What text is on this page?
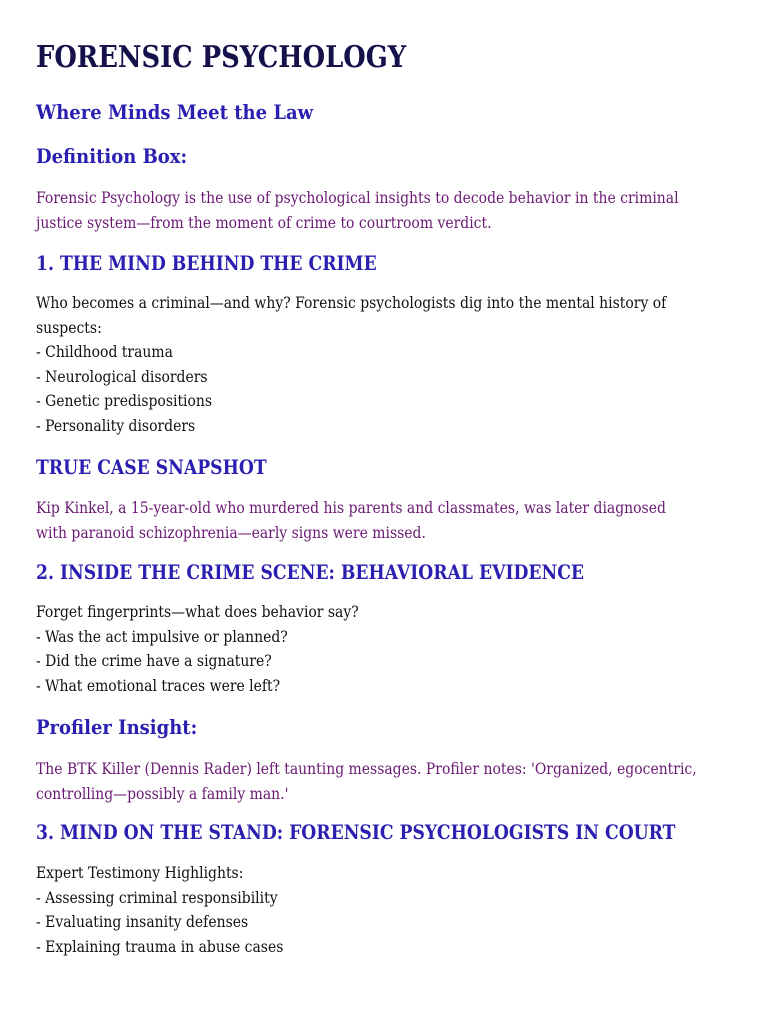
FORENSIC PSYCHOLOGY
Where Minds Meet the Law
Definition Box:
Forensic Psychology is the use of psychological insights to decode behavior in the criminal
justice system—from the moment of crime to courtroom verdict.
1. THE MIND BEHIND THE CRIME
Who becomes a criminal—and why? Forensic psychologists dig into the mental history of
suspects:
- Childhood trauma
- Neurological disorders
- Genetic predispositions
- Personality disorders
TRUE CASE SNAPSHOT
Kip Kinkel, a 15-year-old who murdered his parents and classmates, was later diagnosed
with paranoid schizophrenia—early signs were missed.
2. INSIDE THE CRIME SCENE: BEHAVIORAL EVIDENCE
Forget fingerprints—what does behavior say?
- Was the act impulsive or planned?
- Did the crime have a signature?
- What emotional traces were left?
Profiler Insight:
The BTK Killer (Dennis Rader) left taunting messages. Profiler notes: 'Organized, egocentric,
controlling—possibly a family man.'
3. MIND ON THE STAND: FORENSIC PSYCHOLOGISTS IN COURT
Expert Testimony Highlights:
- Assessing criminal responsibility
- Evaluating insanity defenses
- Explaining trauma in abuse cases
